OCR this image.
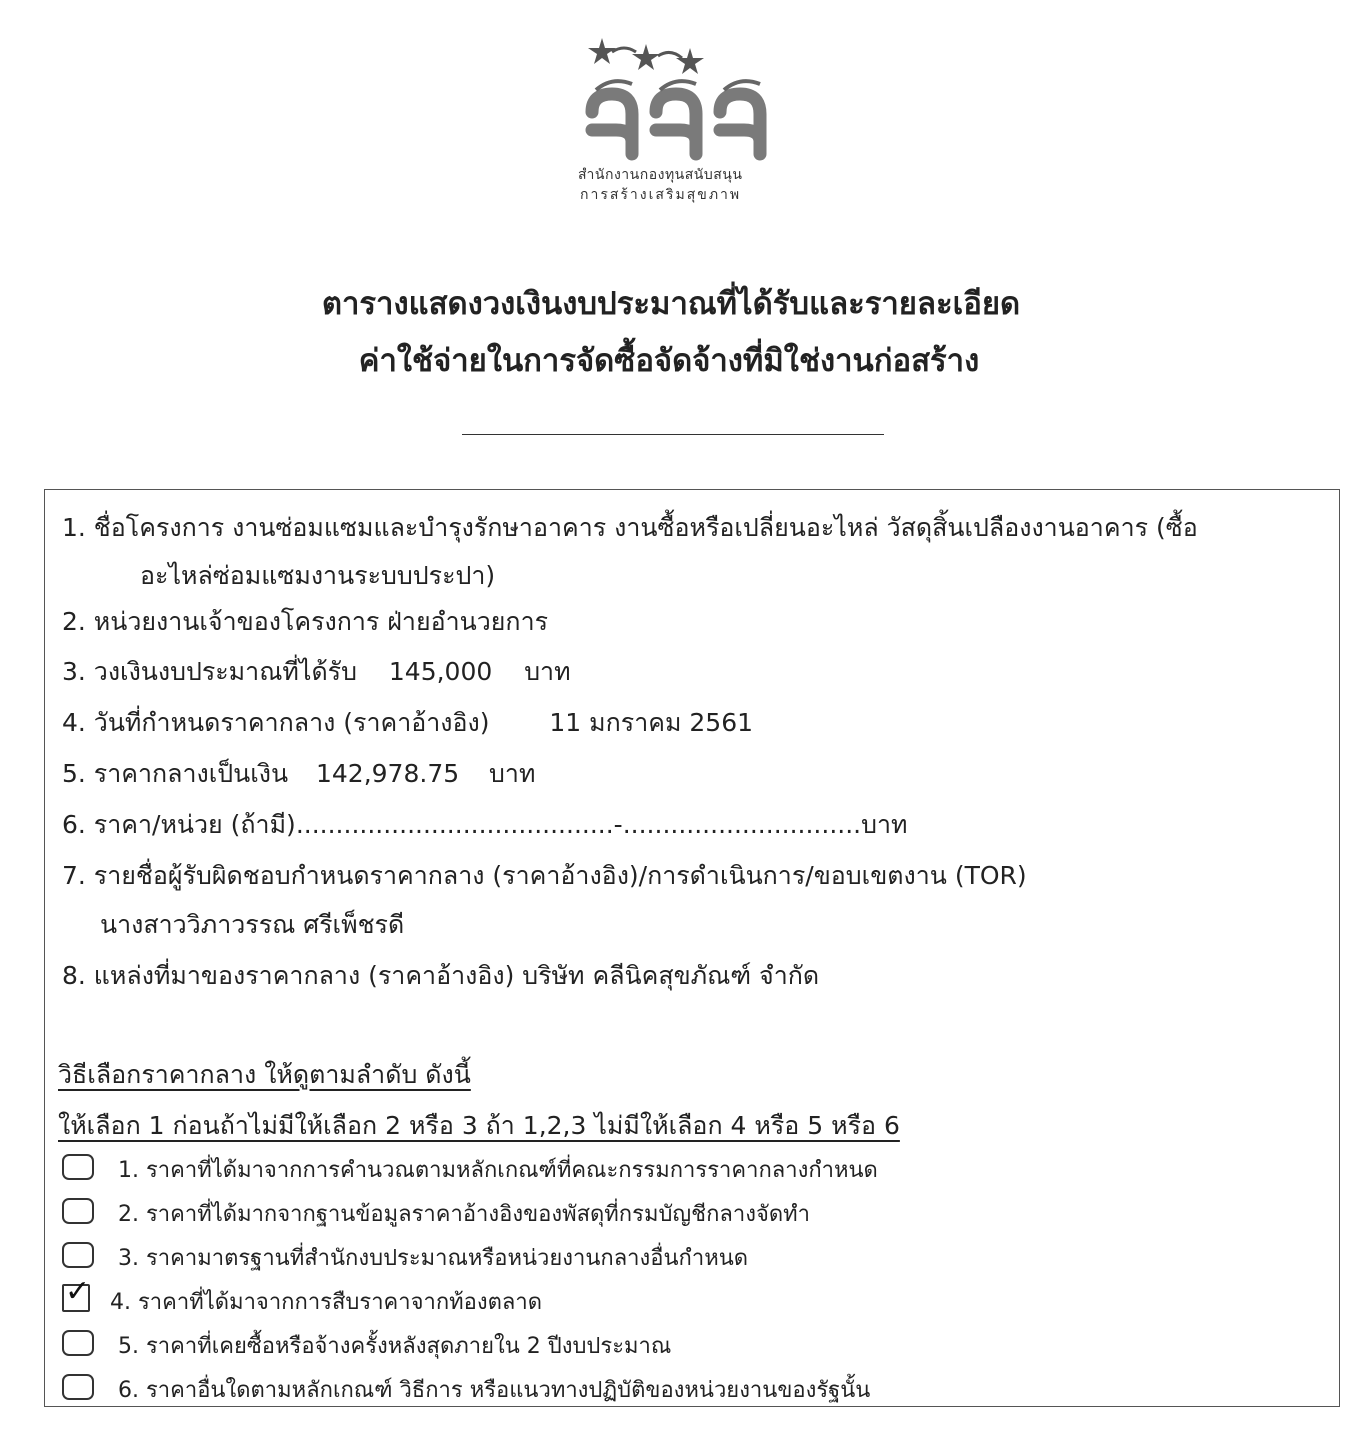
สำนักงานกองทุนสนับสนุน
การสร้างเสริมสุขภาพ
ตารางแสดงวงเงินงบประมาณที่ได้รับและรายละเอียด
ค่าใช้จ่ายในการจัดซื้อจัดจ้างที่มิใช่งานก่อสร้าง
1. ชื่อโครงการ งานซ่อมแซมและบำรุงรักษาอาคาร งานซื้อหรือเปลี่ยนอะไหล่ วัสดุสิ้นเปลืองงานอาคาร (ซื้อ
อะไหล่ซ่อมแซมงานระบบประปา)
2. หน่วยงานเจ้าของโครงการ ฝ่ายอำนวยการ
3. วงเงินงบประมาณที่ได้รับ 145,000 บาท
4. วันที่กำหนดราคากลาง (ราคาอ้างอิง) 11 มกราคม 2561
5. ราคากลางเป็นเงิน 142,978.75 บาท
6. ราคา/หน่วย (ถ้ามี)........................................-..............................บาท
7. รายชื่อผู้รับผิดชอบกำหนดราคากลาง (ราคาอ้างอิง)/การดำเนินการ/ขอบเขตงาน (TOR)
นางสาววิภาวรรณ ศรีเพ็ชรดี
8. แหล่งที่มาของราคากลาง (ราคาอ้างอิง) บริษัท คลีนิคสุขภัณฑ์ จำกัด
วิธีเลือกราคากลาง ให้ดูตามลำดับ ดังนี้
ให้เลือก 1 ก่อนถ้าไม่มีให้เลือก 2 หรือ 3 ถ้า 1,2,3 ไม่มีให้เลือก 4 หรือ 5 หรือ 6
1. ราคาที่ได้มาจากการคำนวณตามหลักเกณฑ์ที่คณะกรรมการราคากลางกำหนด
2. ราคาที่ได้มากจากฐานข้อมูลราคาอ้างอิงของพัสดุที่กรมบัญชีกลางจัดทำ
3. ราคามาตรฐานที่สำนักงบประมาณหรือหน่วยงานกลางอื่นกำหนด
✓ 4. ราคาที่ได้มาจากการสืบราคาจากท้องตลาด
5. ราคาที่เคยซื้อหรือจ้างครั้งหลังสุดภายใน 2 ปีงบประมาณ
6. ราคาอื่นใดตามหลักเกณฑ์ วิธีการ หรือแนวทางปฏิบัติของหน่วยงานของรัฐนั้น
